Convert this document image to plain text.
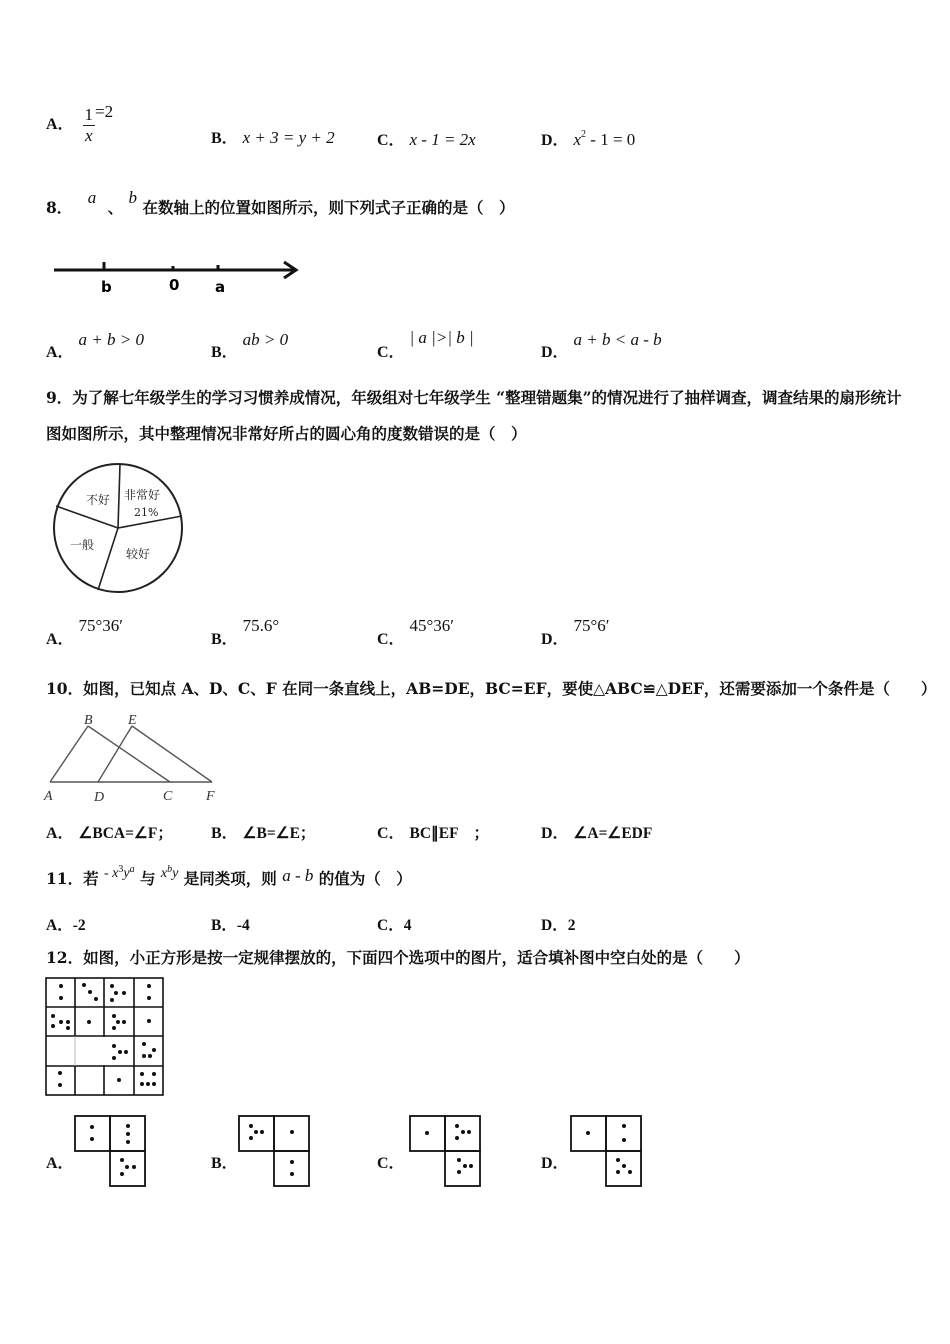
A． $\frac{1}{x} =2$
B． x + 3 = y + 2	C． x - 1 = 2x	D． $x^2 - 1 = 0$
8． a 、 b 在数轴上的位置如图所示，则下列式子正确的是（　）
b	0 a
A． a + b > 0
B． ab > 0
C． | a |>| b |
D． a + b < a - b
9．为了解七年级学生的学习习惯养成情况，年级组对七年级学生 “整理错题集”的情况进行了抽样调查，调查结果的扇形统计图如图所示，其中整理情况非常好所占的圆心角的度数错误的是（　）
不好 非常好
21%
一般
较好
A． 75°36′
B． 75.6°
C． 45°36′
D． 75°6′
10．如图，已知点 A、D、C、F 在同一条直线上，AB=DE，BC=EF，要使△ABC≌△DEF，还需要添加一个条件是（　　）
B	E
A	D	C F
A． ∠BCA=∠F； B． ∠B=∠E；	C． BC∥EF　；	D． ∠A=∠EDF
11．若 - $x^3y^a$ 与 $x^by$ 是同类项，则 a - b 的值为（　）
A．-2	B．-4	C．4	D．2
12．如图，小正方形是按一定规律摆放的，下面四个选项中的图片，适合填补图中空白处的是（　　）
A．	B．	C．	D．
